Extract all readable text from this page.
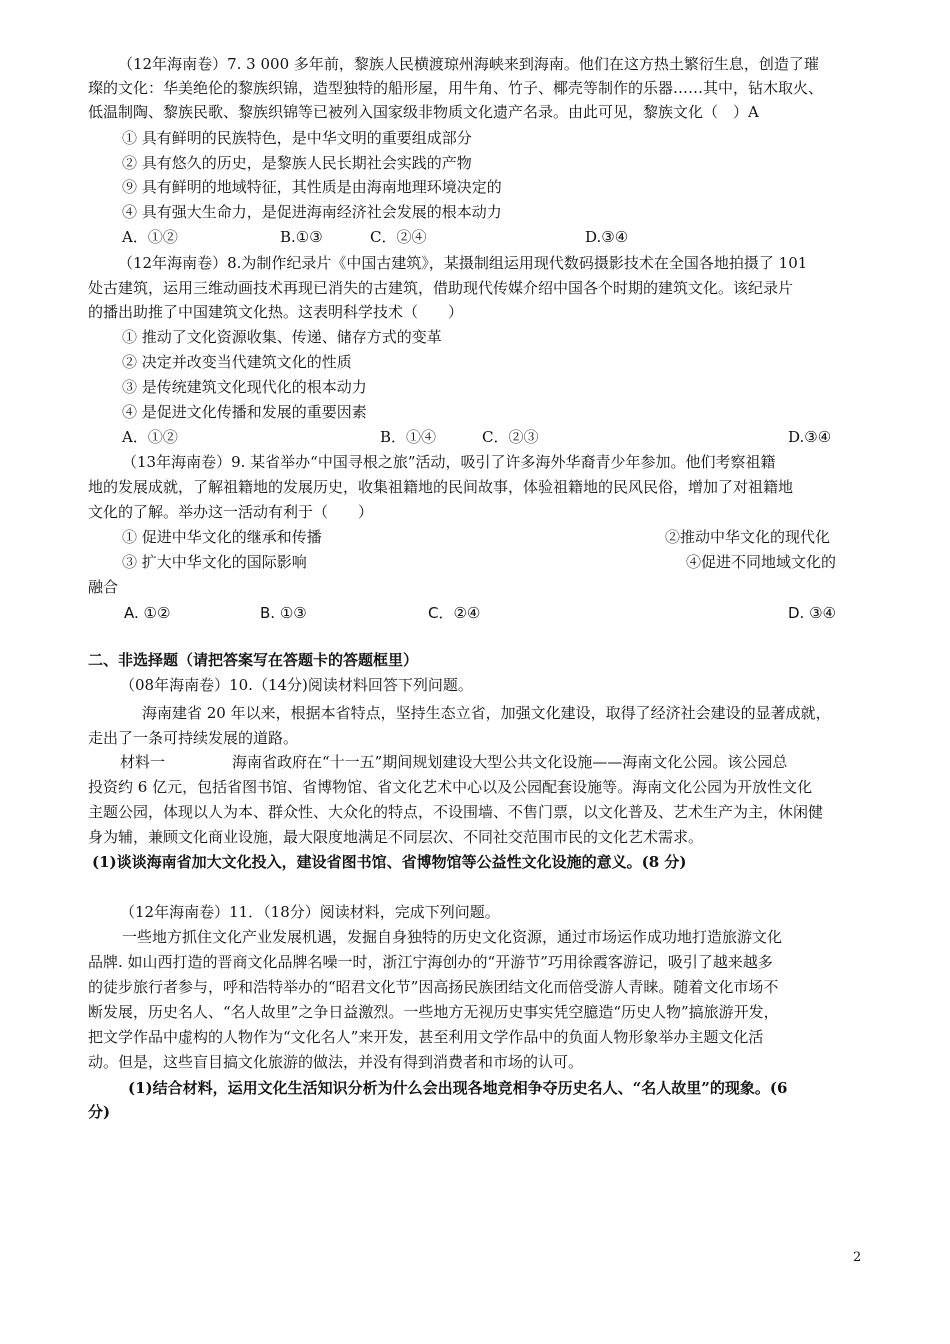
（12年海南卷）7. 3 000 多年前，黎族人民横渡琼州海峡来到海南。他们在这方热土繁衍生息，创造了璀
璨的文化：华美绝伦的黎族织锦，造型独特的船形屋，用牛角、竹子、椰壳等制作的乐器……其中，钻木取火、
低温制陶、黎族民歌、黎族织锦等已被列入国家级非物质文化遗产名录。由此可见，黎族文化（　）A
① 具有鲜明的民族特色，是中华文明的重要组成部分
② 具有悠久的历史，是黎族人民长期社会实践的产物
⑨ 具有鲜明的地域特征，其性质是由海南地理环境决定的
④ 具有强大生命力，是促进海南经济社会发展的根本动力
A．①②	B.①③	C．②④	D.③④
（12年海南卷）8.为制作纪录片《中国古建筑》，某摄制组运用现代数码摄影技术在全国各地拍摄了 101
处古建筑，运用三维动画技术再现已消失的古建筑，借助现代传媒介绍中国各个时期的建筑文化。该纪录片
的播出助推了中国建筑文化热。这表明科学技术（　　）
① 推动了文化资源收集、传递、储存方式的变革
② 决定并改变当代建筑文化的性质
③ 是传统建筑文化现代化的根本动力
④ 是促进文化传播和发展的重要因素
A．①②	B．①④	C．②③	D.③④
（13年海南卷）9. 某省举办“中国寻根之旅”活动，吸引了许多海外华裔青少年参加。他们考察祖籍
地的发展成就，了解祖籍地的发展历史，收集祖籍地的民间故事，体验祖籍地的民风民俗，增加了对祖籍地
文化的了解。举办这一活动有利于（　　）
① 促进中华文化的继承和传播	②推动中华文化的现代化
③ 扩大中华文化的国际影响	④促进不同地域文化的
融合
A. ①②	B. ①③	C．②④	D. ③④
二、非选择题（请把答案写在答题卡的答题框里）
（08年海南卷）10.（14分)阅读材料回答下列问题。
海南建省 20 年以来，根据本省特点，坚持生态立省，加强文化建设，取得了经济社会建设的显著成就，
走出了一条可持续发展的道路。
材料一	海南省政府在“十一五”期间规划建设大型公共文化设施——海南文化公园。该公园总
投资约 6 亿元，包括省图书馆、省博物馆、省文化艺术中心以及公园配套设施等。海南文化公园为开放性文化
主题公园，体现以人为本、群众性、大众化的特点，不设围墙、不售门票，以文化普及、艺术生产为主，休闲健
身为辅，兼顾文化商业设施，最大限度地满足不同层次、不同社交范围市民的文化艺术需求。
(1)谈谈海南省加大文化投入，建设省图书馆、省博物馆等公益性文化设施的意义。(8 分)
（12年海南卷）11．（18分）阅读材料，完成下列问题。
一些地方抓住文化产业发展机遇，发掘自身独特的历史文化资源，通过市场运作成功地打造旅游文化
品牌. 如山西打造的晋商文化品牌名噪一时，浙江宁海创办的“开游节”巧用徐霞客游记，吸引了越来越多
的徒步旅行者参与，呼和浩特举办的“昭君文化节”因高扬民族团结文化而倍受游人青睐。随着文化市场不
断发展，历史名人、“名人故里”之争日益激烈。一些地方无视历史事实凭空臆造“历史人物”搞旅游开发，
把文学作品中虚构的人物作为“文化名人”来开发，甚至利用文学作品中的负面人物形象举办主题文化活
动。但是，这些盲目搞文化旅游的做法，并没有得到消费者和市场的认可。
(1)结合材料，运用文化生活知识分析为什么会出现各地竞相争夺历史名人、“名人故里”的现象。(6
分)
2
